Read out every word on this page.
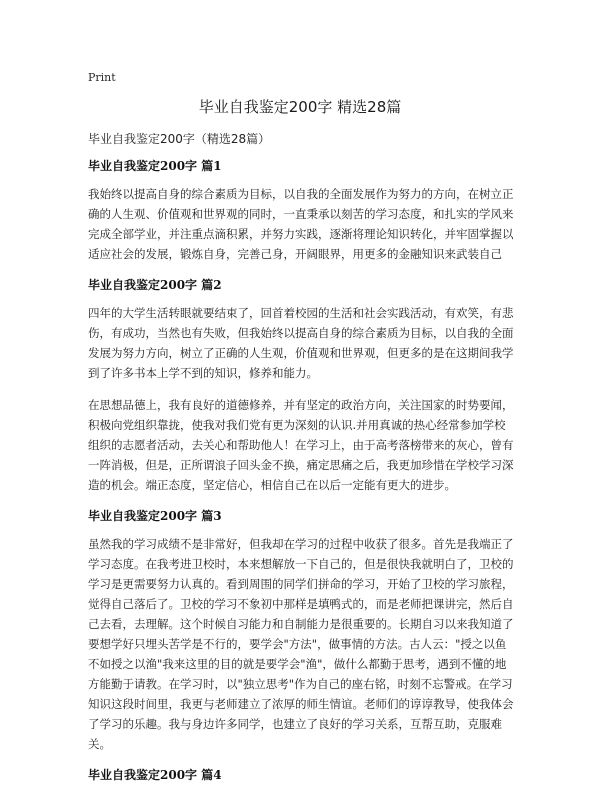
Print
毕业自我鉴定200字 精选28篇
毕业自我鉴定200字（精选28篇）
毕业自我鉴定200字 篇1

我始终以提高自身的综合素质为目标，以自我的全面发展作为努力的方向，在树立正确的人生观、价值观和世界观的同时，一直秉承以刻苦的学习态度，和扎实的学风来完成全部学业，并注重点滴积累，并努力实践，逐渐将理论知识转化，并牢固掌握以适应社会的发展，锻炼自身，完善己身，开阔眼界，用更多的金融知识来武装自己

毕业自我鉴定200字 篇2

四年的大学生活转眼就要结束了，回首着校园的生活和社会实践活动，有欢笑，有悲伤，有成功，当然也有失败，但我始终以提高自身的综合素质为目标，以自我的全面发展为努力方向，树立了正确的人生观，价值观和世界观，但更多的是在这期间我学到了许多书本上学不到的知识，修养和能力。

在思想品德上，我有良好的道德修养，并有坚定的政治方向，关注国家的时势要闻，积极向党组织靠拢，使我对我们党有更为深刻的认识.并用真诚的热心经常参加学校组织的志愿者活动，去关心和帮助他人！在学习上，由于高考落榜带来的灰心，曾有一阵消极，但是，正所谓浪子回头金不换，痛定思痛之后，我更加珍惜在学校学习深造的机会。端正态度，坚定信心，相信自己在以后一定能有更大的进步。

毕业自我鉴定200字 篇3

虽然我的学习成绩不是非常好，但我却在学习的过程中收获了很多。首先是我端正了学习态度。在我考进卫校时，本来想解放一下自己的，但是很快我就明白了，卫校的学习是更需要努力认真的。看到周围的同学们拼命的学习，开始了卫校的学习旅程，觉得自己落后了。卫校的学习不象初中那样是填鸭式的，而是老师把课讲完，然后自己去看，去理解。这个时候自习能力和自制能力是很重要的。长期自习以来我知道了要想学好只埋头苦学是不行的，要学会"方法"，做事情的方法。古人云："授之以鱼不如授之以渔"我来这里的目的就是要学会"渔"，做什么都勤于思考，遇到不懂的地方能勤于请教。在学习时，以"独立思考"作为自己的座右铭，时刻不忘警戒。在学习知识这段时间里，我更与老师建立了浓厚的师生情谊。老师们的谆谆教导，使我体会了学习的乐趣。我与身边许多同学，也建立了良好的学习关系，互帮互助，克服难关。

毕业自我鉴定200字 篇4
